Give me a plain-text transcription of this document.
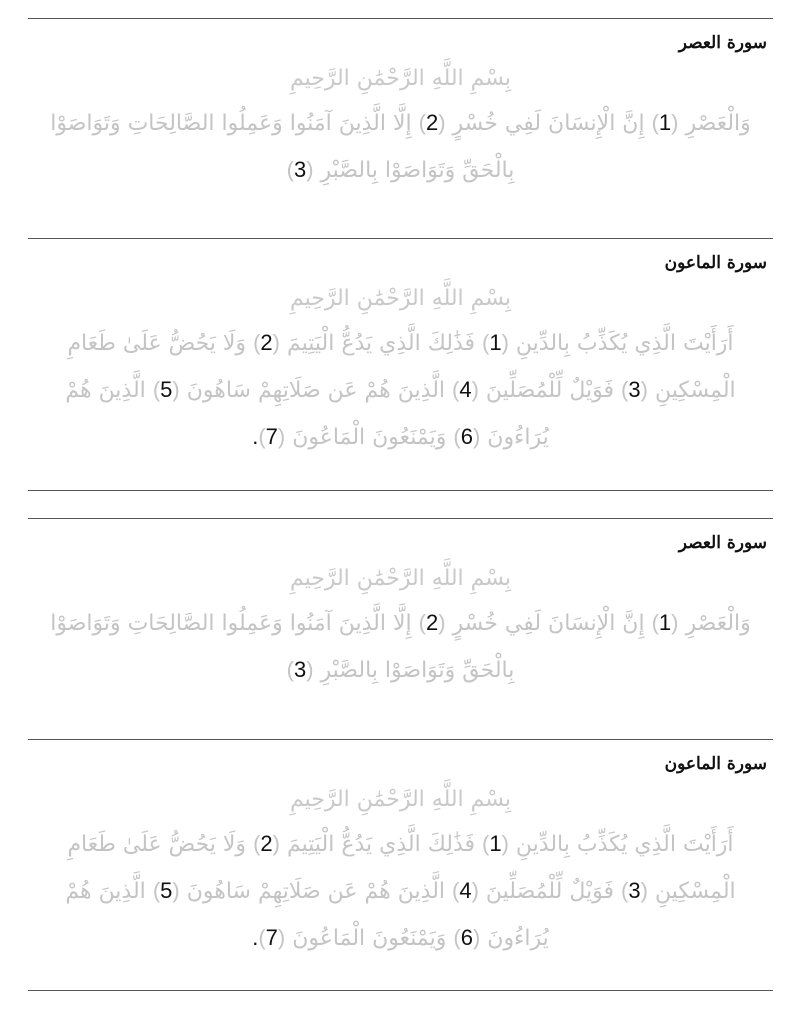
سورة العصر
بِسْمِ اللَّهِ الرَّحْمَٰنِ الرَّحِيمِ
وَالْعَصْرِ (1) إِنَّ الْإِنسَانَ لَفِي خُسْرٍ (2) إِلَّا الَّذِينَ آمَنُوا وَعَمِلُوا الصَّالِحَاتِ وَتَوَاصَوْا بِالْحَقِّ وَتَوَاصَوْا بِالصَّبْرِ (3)
سورة الماعون
بِسْمِ اللَّهِ الرَّحْمَٰنِ الرَّحِيمِ
أَرَأَيْتَ الَّذِي يُكَذِّبُ بِالدِّينِ (1) فَذَٰلِكَ الَّذِي يَدُعُّ الْيَتِيمَ (2) وَلَا يَحُضُّ عَلَىٰ طَعَامِ الْمِسْكِينِ (3) فَوَيْلٌ لِّلْمُصَلِّينَ (4) الَّذِينَ هُمْ عَن صَلَاتِهِمْ سَاهُونَ (5) الَّذِينَ هُمْ يُرَاءُونَ (6) وَيَمْنَعُونَ الْمَاعُونَ (7).
سورة العصر
بِسْمِ اللَّهِ الرَّحْمَٰنِ الرَّحِيمِ
وَالْعَصْرِ (1) إِنَّ الْإِنسَانَ لَفِي خُسْرٍ (2) إِلَّا الَّذِينَ آمَنُوا وَعَمِلُوا الصَّالِحَاتِ وَتَوَاصَوْا بِالْحَقِّ وَتَوَاصَوْا بِالصَّبْرِ (3)
سورة الماعون
بِسْمِ اللَّهِ الرَّحْمَٰنِ الرَّحِيمِ
أَرَأَيْتَ الَّذِي يُكَذِّبُ بِالدِّينِ (1) فَذَٰلِكَ الَّذِي يَدُعُّ الْيَتِيمَ (2) وَلَا يَحُضُّ عَلَىٰ طَعَامِ الْمِسْكِينِ (3) فَوَيْلٌ لِّلْمُصَلِّينَ (4) الَّذِينَ هُمْ عَن صَلَاتِهِمْ سَاهُونَ (5) الَّذِينَ هُمْ يُرَاءُونَ (6) وَيَمْنَعُونَ الْمَاعُونَ (7).
